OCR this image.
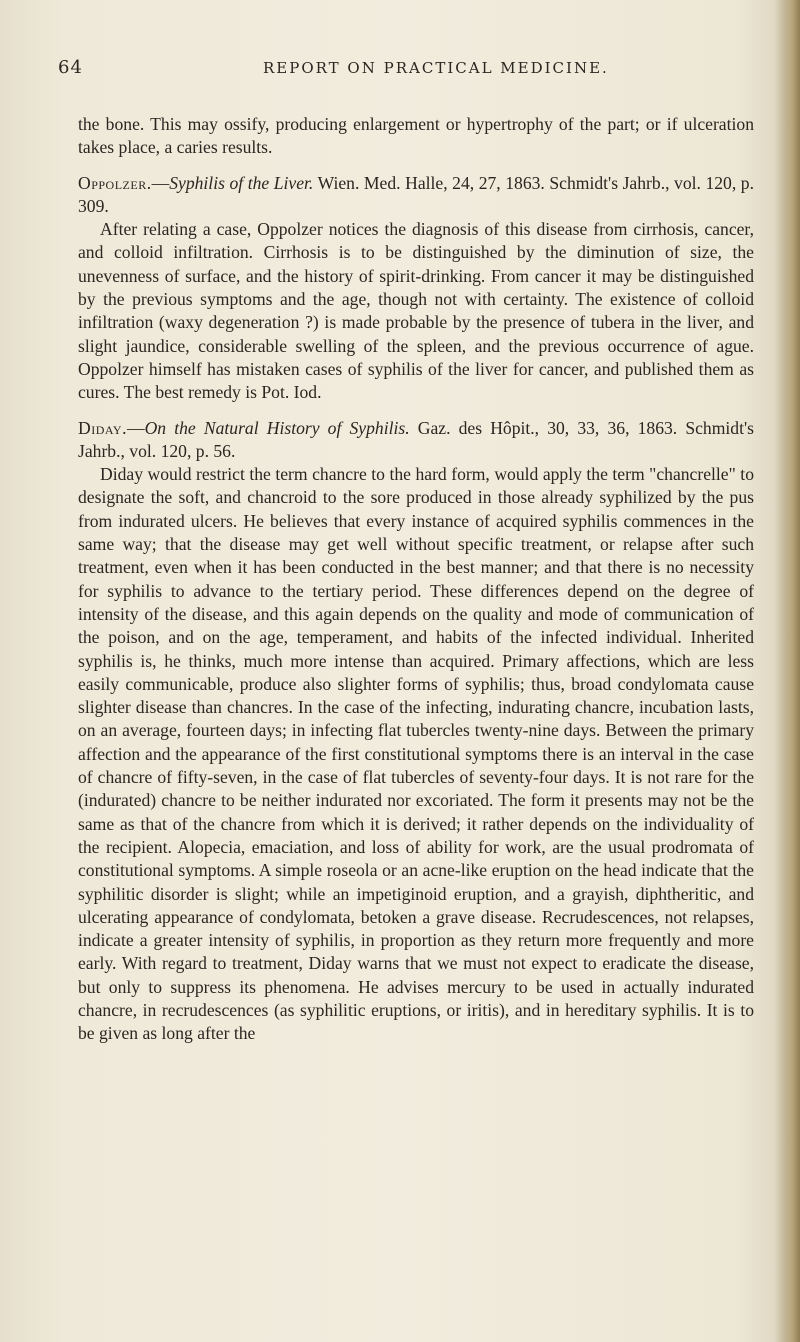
64	REPORT ON PRACTICAL MEDICINE.

the bone. This may ossify, producing enlargement or hypertrophy of the part; or if ulceration takes place, a caries results.

Oppolzer.—Syphilis of the Liver. Wien. Med. Halle, 24, 27, 1863. Schmidt's Jahrb., vol. 120, p. 309.

After relating a case, Oppolzer notices the diagnosis of this disease from cirrhosis, cancer, and colloid infiltration. Cirrhosis is to be distinguished by the diminution of size, the unevenness of surface, and the history of spirit-drinking. From cancer it may be distinguished by the previous symptoms and the age, though not with certainty. The existence of colloid infiltration (waxy degeneration ?) is made probable by the presence of tubera in the liver, and slight jaundice, considerable swelling of the spleen, and the previous occurrence of ague. Oppolzer himself has mistaken cases of syphilis of the liver for cancer, and published them as cures. The best remedy is Pot. Iod.

Diday.—On the Natural History of Syphilis. Gaz. des Hôpit., 30, 33, 36, 1863. Schmidt's Jahrb., vol. 120, p. 56.

Diday would restrict the term chancre to the hard form, would apply the term "chancrelle" to designate the soft, and chancroid to the sore produced in those already syphilized by the pus from indurated ulcers. He believes that every instance of acquired syphilis commences in the same way; that the disease may get well without specific treatment, or relapse after such treatment, even when it has been conducted in the best manner; and that there is no necessity for syphilis to advance to the tertiary period. These differences depend on the degree of intensity of the disease, and this again depends on the quality and mode of communication of the poison, and on the age, temperament, and habits of the infected individual. Inherited syphilis is, he thinks, much more intense than acquired. Primary affections, which are less easily communicable, produce also slighter forms of syphilis; thus, broad condylomata cause slighter disease than chancres. In the case of the infecting, indurating chancre, incubation lasts, on an average, fourteen days; in infecting flat tubercles twenty-nine days. Between the primary affection and the appearance of the first constitutional symptoms there is an interval in the case of chancre of fifty-seven, in the case of flat tubercles of seventy-four days. It is not rare for the (indurated) chancre to be neither indurated nor excoriated. The form it presents may not be the same as that of the chancre from which it is derived; it rather depends on the individuality of the recipient. Alopecia, emaciation, and loss of ability for work, are the usual prodromata of constitutional symptoms. A simple roseola or an acne-like eruption on the head indicate that the syphilitic disorder is slight; while an impetiginoid eruption, and a grayish, diphtheritic, and ulcerating appearance of condylomata, betoken a grave disease. Recrudescences, not relapses, indicate a greater intensity of syphilis, in proportion as they return more frequently and more early. With regard to treatment, Diday warns that we must not expect to eradicate the disease, but only to suppress its phenomena. He advises mercury to be used in actually indurated chancre, in recrudescences (as syphilitic eruptions, or iritis), and in hereditary syphilis. It is to be given as long after the
